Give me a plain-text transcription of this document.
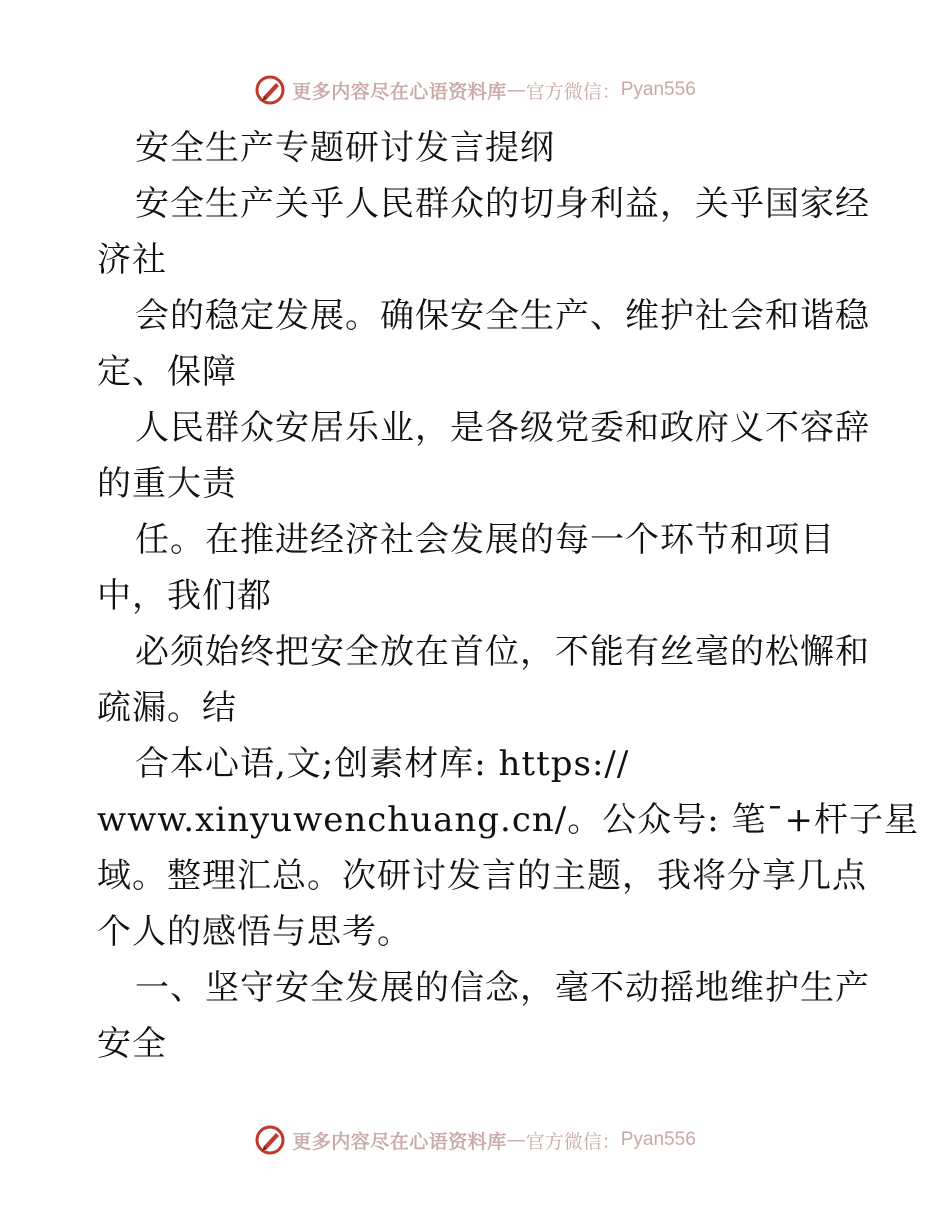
更多内容尽在心语资料库 — 官方微信： Pyan556
安全生产专题研讨发言提纲
安全生产关乎人民群众的切身利益，关乎国家经
济社
会的稳定发展。确保安全生产、维护社会和谐稳
定、保障
人民群众安居乐业，是各级党委和政府义不容辞
的重大责
任。在推进经济社会发展的每一个环节和项目
中，我们都
必须始终把安全放在首位，不能有丝毫的松懈和
疏漏。结
合本心语,文;创素材库: https://
www.xinyuwenchuang.cn/。公众号: 笔¯+杆子星
域。整理汇总。次研讨发言的主题，我将分享几点
个人的感悟与思考。
一、坚守安全发展的信念，毫不动摇地维护生产
安全
更多内容尽在心语资料库 — 官方微信： Pyan556
